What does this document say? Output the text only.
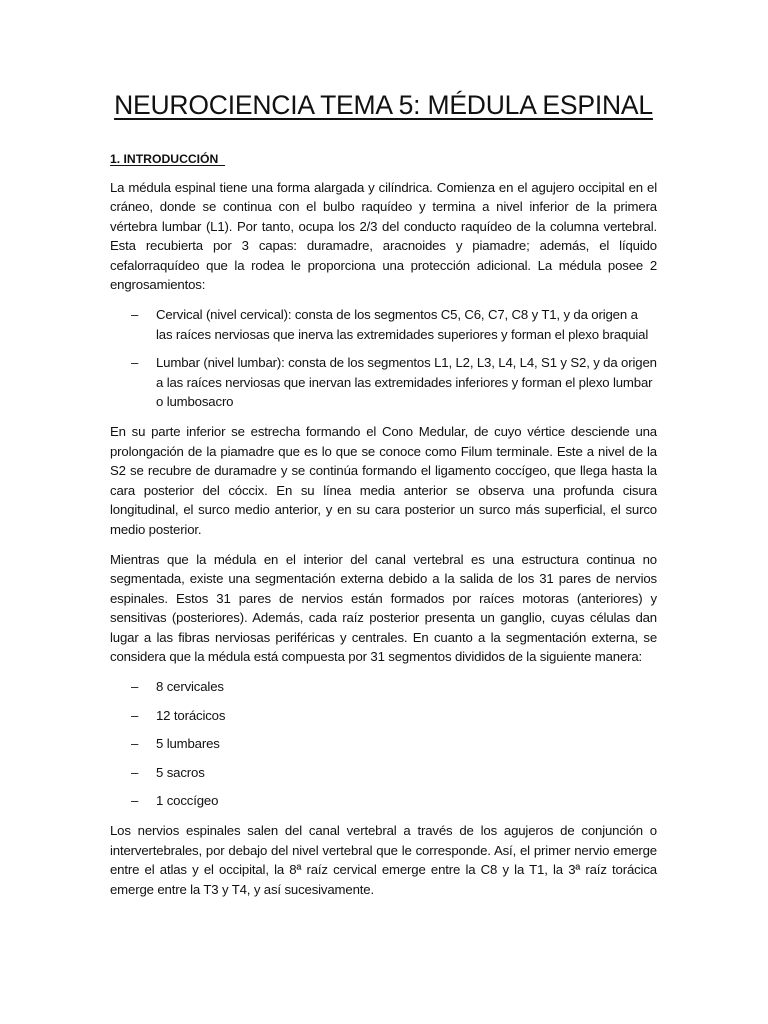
NEUROCIENCIA TEMA 5: MÉDULA ESPINAL
1. INTRODUCCIÓN

La médula espinal tiene una forma alargada y cilíndrica. Comienza en el agujero occipital en el cráneo, donde se continua con el bulbo raquídeo y termina a nivel inferior de la primera vértebra lumbar (L1). Por tanto, ocupa los 2/3 del conducto raquídeo de la columna vertebral. Esta recubierta por 3 capas: duramadre, aracnoides y piamadre; además, el líquido cefalorraquídeo que la rodea le proporciona una protección adicional. La médula posee 2 engrosamientos:

– Cervical (nivel cervical): consta de los segmentos C5, C6, C7, C8 y T1, y da origen a las raíces nerviosas que inerva las extremidades superiores y forman el plexo braquial
– Lumbar (nivel lumbar): consta de los segmentos L1, L2, L3, L4, L4, S1 y S2, y da origen a las raíces nerviosas que inervan las extremidades inferiores y forman el plexo lumbar o lumbosacro

En su parte inferior se estrecha formando el Cono Medular, de cuyo vértice desciende una prolongación de la piamadre que es lo que se conoce como Filum terminale. Este a nivel de la S2 se recubre de duramadre y se continúa formando el ligamento coccígeo, que llega hasta la cara posterior del cóccix. En su línea media anterior se observa una profunda cisura longitudinal, el surco medio anterior, y en su cara posterior un surco más superficial, el surco medio posterior.

Mientras que la médula en el interior del canal vertebral es una estructura continua no segmentada, existe una segmentación externa debido a la salida de los 31 pares de nervios espinales. Estos 31 pares de nervios están formados por raíces motoras (anteriores) y sensitivas (posteriores). Además, cada raíz posterior presenta un ganglio, cuyas células dan lugar a las fibras nerviosas periféricas y centrales. En cuanto a la segmentación externa, se considera que la médula está compuesta por 31 segmentos divididos de la siguiente manera:

– 8 cervicales
– 12 torácicos
– 5 lumbares
– 5 sacros
– 1 coccígeo

Los nervios espinales salen del canal vertebral a través de los agujeros de conjunción o intervertebrales, por debajo del nivel vertebral que le corresponde. Así, el primer nervio emerge entre el atlas y el occipital, la 8ª raíz cervical emerge entre la C8 y la T1, la 3ª raíz torácica emerge entre la T3 y T4, y así sucesivamente.
